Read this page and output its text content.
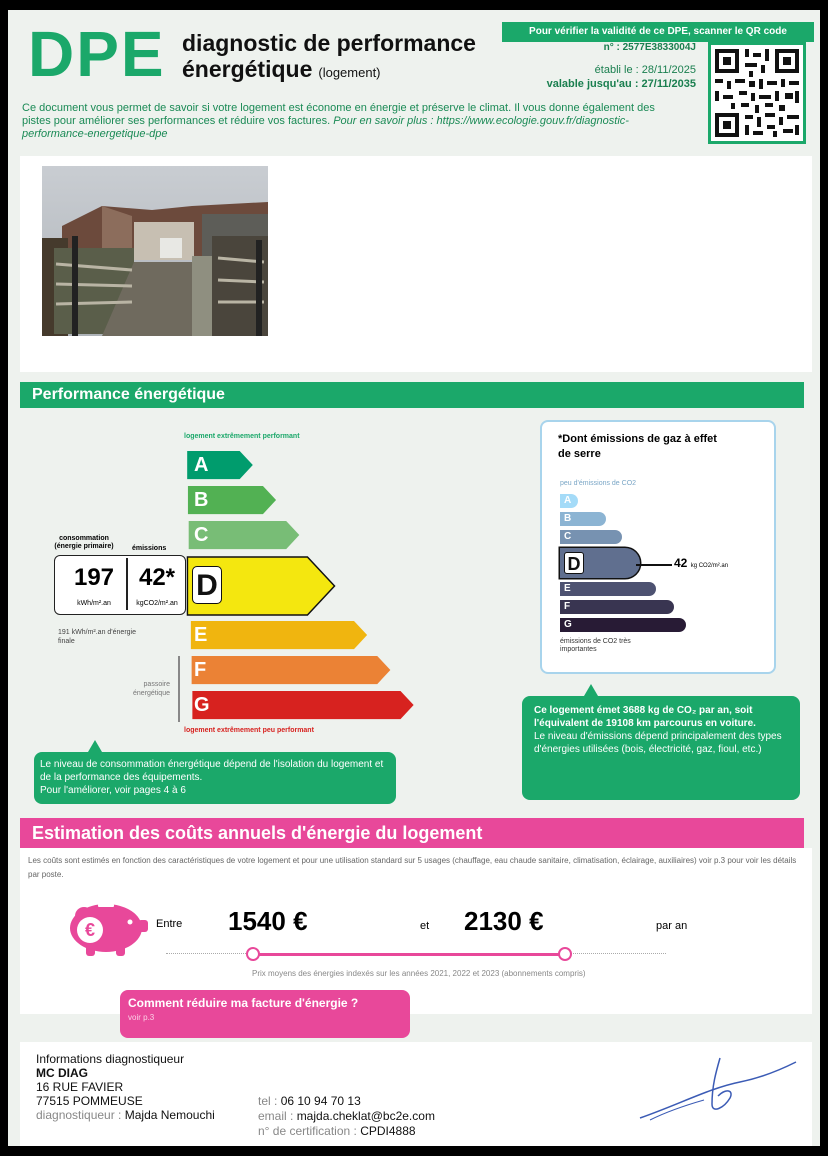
DPE diagnostic de performance
énergétique (logement)
Pour vérifier la validité de ce DPE, scanner le QR code
n° : 2577E3833004J
établi le : 28/11/2025
valable jusqu'au : 27/11/2035
Ce document vous permet de savoir si votre logement est économe en énergie et préserve le climat. Il vous donne également des pistes pour améliorer ses performances et réduire vos factures. Pour en savoir plus : https://www.ecologie.gouv.fr/diagnostic-performance-energetique-dpe
Performance énergétique
logement extrêmement performant
A
B
C
D
E
F
G
consommation
(énergie primaire)	émissions
197	42*
kWh/m².an	kgCO2/m².an
191 kWh/m².an d'énergie finale
passoire énergétique
logement extrêmement peu performant
Le niveau de consommation énergétique dépend de l'isolation du logement et de la performance des équipements.
Pour l'améliorer, voir pages 4 à 6
*Dont émissions de gaz à effet de serre
peu d'émissions de CO2
A
B
C
D
E
F
G
42 kg CO2/m².an
émissions de CO2 très importantes
Ce logement émet 3688 kg de CO₂ par an, soit l'équivalent de 19108 km parcourus en voiture.
Le niveau d'émissions dépend principalement des types d'énergies utilisées (bois, électricité, gaz, fioul, etc.)
Estimation des coûts annuels d'énergie du logement
Les coûts sont estimés en fonction des caractéristiques de votre logement et pour une utilisation standard sur 5 usages (chauffage, eau chaude sanitaire, climatisation, éclairage, auxiliaires) voir p.3 pour voir les détails par poste.
€	Entre 1540 €	et 2130 €	par an
Prix moyens des énergies indexés sur les années 2021, 2022 et 2023 (abonnements compris)
Comment réduire ma facture d'énergie ?
voir p.3
Informations diagnostiqueur
MC DIAG
16 RUE FAVIER
77515 POMMEUSE
diagnostiqueur : Majda Nemouchi
tel : 06 10 94 70 13
email : majda.cheklat@bc2e.com
n° de certification : CPDI4888
